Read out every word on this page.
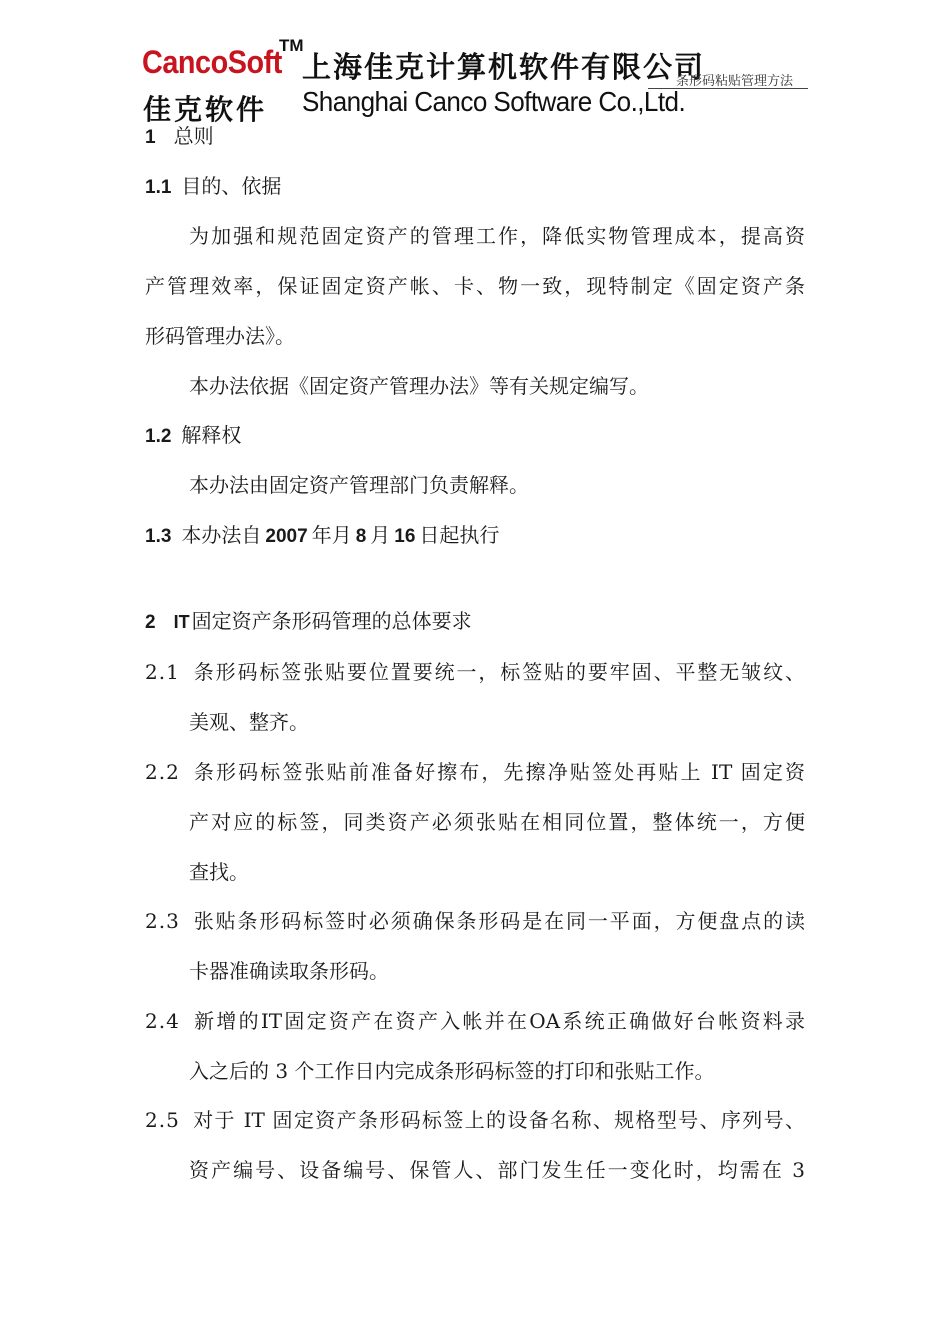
CancoSoft
TM
上海佳克计算机软件有限公司
佳克软件 Shanghai Canco Software Co.,Ltd.
条形码粘贴管理方法
1 总则
1.1 目的、依据
为加强和规范固定资产的管理工作，降低实物管理成本，提高资
产管理效率，保证固定资产帐、卡、物一致，现特制定《固定资产条
形码管理办法》。
本办法依据《固定资产管理办法》等有关规定编写。
1.2 解释权
本办法由固定资产管理部门负责解释。
1.3 本办法自 2007 年月 8 月 16 日起执行
2 IT 固定资产条形码管理的总体要求
2.1 条形码标签张贴要位置要统一，标签贴的要牢固、平整无皱纹、
美观、整齐。
2.2 条形码标签张贴前准备好擦布，先擦净贴签处再贴上 IT 固定资
产对应的标签，同类资产必须张贴在相同位置，整体统一，方便
查找。
2.3 张贴条形码标签时必须确保条形码是在同一平面，方便盘点的读
卡器准确读取条形码。
2.4 新增的IT固定资产在资产入帐并在OA系统正确做好台帐资料录
入之后的 3 个工作日内完成条形码标签的打印和张贴工作。
2.5 对于 IT 固定资产条形码标签上的设备名称、规格型号、序列号、
资产编号、设备编号、保管人、部门发生任一变化时，均需在 3
